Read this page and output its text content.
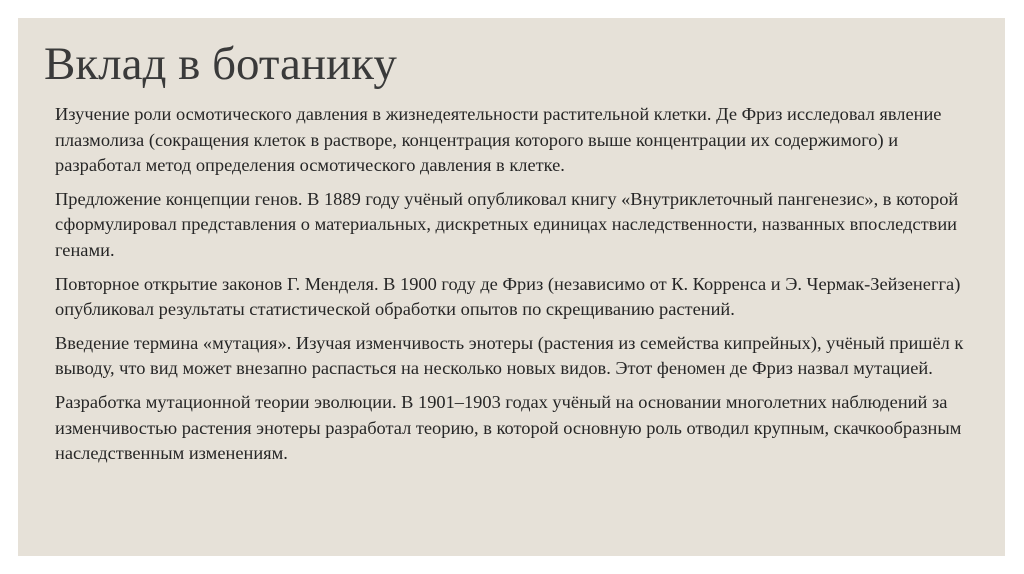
Вклад в ботанику

Изучение роли осмотического давления в жизнедеятельности растительной клетки. Де Фриз исследовал явление плазмолиза (сокращения клеток в растворе, концентрация которого выше концентрации их содержимого) и разработал метод определения осмотического давления в клетке.

Предложение концепции генов. В 1889 году учёный опубликовал книгу «Внутриклеточный пангенезис», в которой сформулировал представления о материальных, дискретных единицах наследственности, названных впоследствии генами.

Повторное открытие законов Г. Менделя. В 1900 году де Фриз (независимо от К. Корренса и Э. Чермак-Зейзенегга) опубликовал результаты статистической обработки опытов по скрещиванию растений.

Введение термина «мутация». Изучая изменчивость энотеры (растения из семейства кипрейных), учёный пришёл к выводу, что вид может внезапно распасться на несколько новых видов. Этот феномен де Фриз назвал мутацией.

Разработка мутационной теории эволюции. В 1901–1903 годах учёный на основании многолетних наблюдений за изменчивостью растения энотеры разработал теорию, в которой основную роль отводил крупным, скачкообразным наследственным изменениям.
